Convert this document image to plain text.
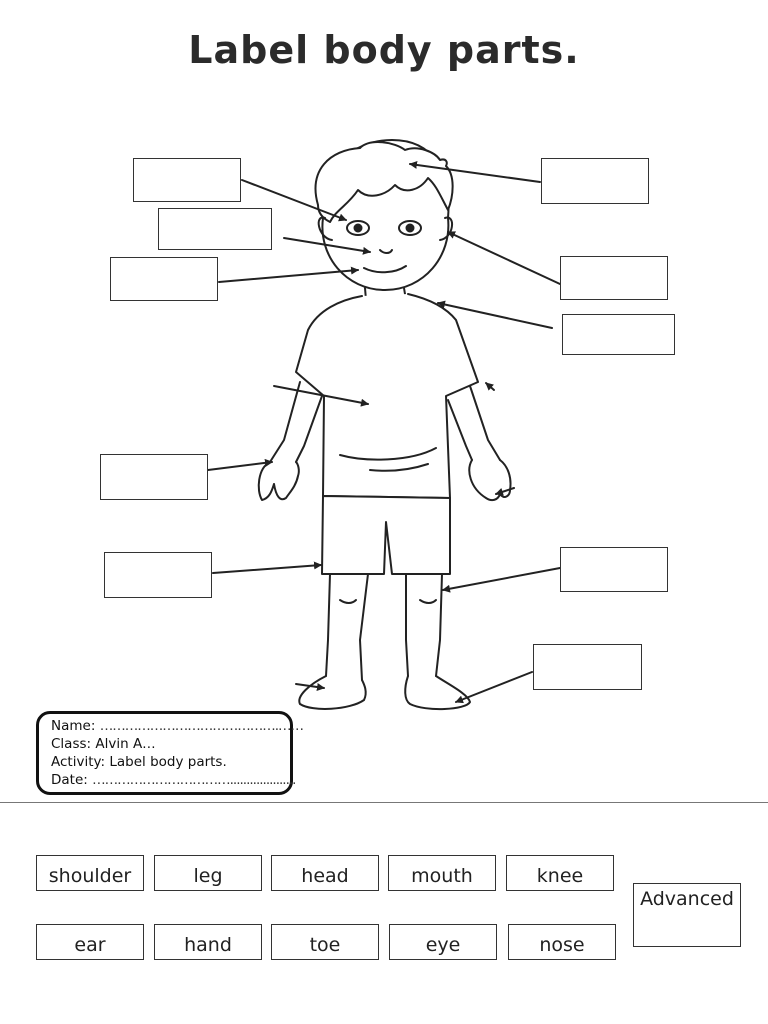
Label body parts.
Name: …………………………………….……
Class: Alvin A…
Activity: Label body parts.
Date: ……………………………....................
shoulder	leg	head	mouth	knee
ear	hand	toe	eye	nose
Advanced
